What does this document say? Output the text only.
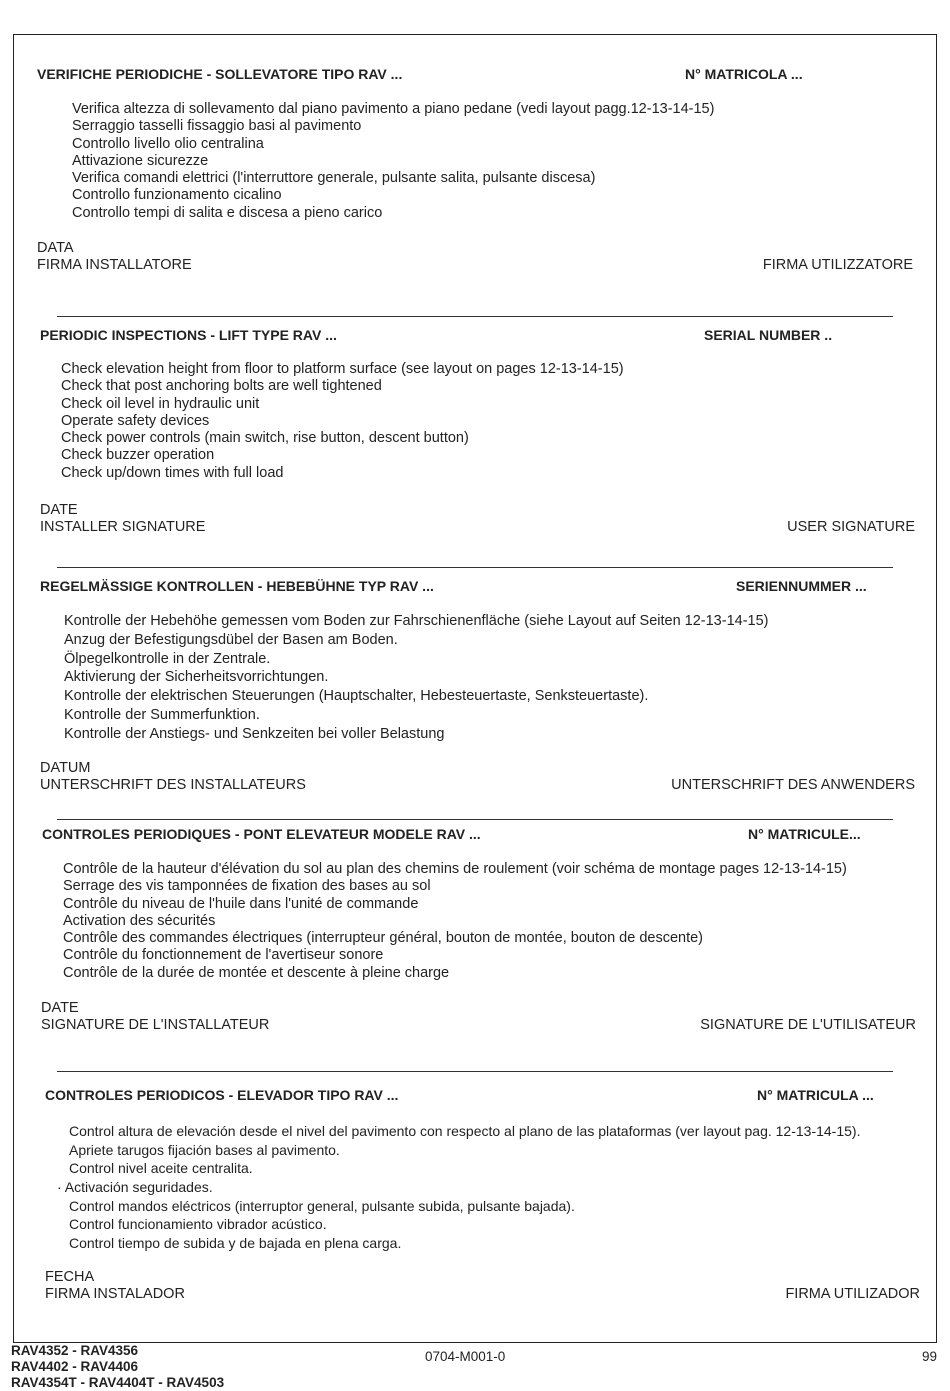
VERIFICHE PERIODICHE - SOLLEVATORE TIPO RAV ...	N° MATRICOLA ...
Verifica altezza di sollevamento dal piano pavimento a piano pedane (vedi layout pagg.12-13-14-15)
Serraggio tasselli fissaggio basi al pavimento
Controllo livello olio centralina
Attivazione sicurezze
Verifica comandi elettrici (l'interruttore generale, pulsante salita, pulsante discesa)
Controllo funzionamento cicalino
Controllo tempi di salita e discesa a pieno carico
DATA
FIRMA INSTALLATORE	FIRMA UTILIZZATORE
PERIODIC INSPECTIONS - LIFT TYPE RAV ...	SERIAL NUMBER ..
Check elevation height from floor to platform surface (see layout on pages 12-13-14-15)
Check that post anchoring bolts are well tightened
Check oil level in hydraulic unit
Operate safety devices
Check power controls (main switch, rise button, descent button)
Check buzzer operation
Check up/down times with full load
DATE
INSTALLER SIGNATURE	USER SIGNATURE
REGELMÄSSIGE KONTROLLEN - HEBEBÜHNE TYP RAV ...	SERIENNUMMER ...
Kontrolle der Hebehöhe gemessen vom Boden zur Fahrschienenfläche (siehe Layout auf Seiten 12-13-14-15)
Anzug der Befestigungsdübel der Basen am Boden.
Ölpegelkontrolle in der Zentrale.
Aktivierung der Sicherheitsvorrichtungen.
Kontrolle der elektrischen Steuerungen (Hauptschalter, Hebesteuertaste, Senksteuertaste).
Kontrolle der Summerfunktion.
Kontrolle der Anstiegs- und Senkzeiten bei voller Belastung
DATUM
UNTERSCHRIFT DES INSTALLATEURS	UNTERSCHRIFT DES ANWENDERS
CONTROLES PERIODIQUES - PONT ELEVATEUR MODELE RAV ...	N° MATRICULE...
Contrôle de la hauteur d'élévation du sol au plan des chemins de roulement (voir schéma de montage pages 12-13-14-15)
Serrage des vis tamponnées de fixation des bases au sol
Contrôle du niveau de l'huile dans l'unité de commande
Activation des sécurités
Contrôle des commandes électriques (interrupteur général, bouton de montée, bouton de descente)
Contrôle du fonctionnement de l'avertiseur sonore
Contrôle de la durée de montée et descente à pleine charge
DATE
SIGNATURE DE L'INSTALLATEUR	SIGNATURE DE L'UTILISATEUR
CONTROLES PERIODICOS - ELEVADOR TIPO RAV ...	N° MATRICULA ...
Control altura de elevación desde el nivel del pavimento con respecto al plano de las plataformas (ver layout pag. 12-13-14-15).
Apriete tarugos fijación bases al pavimento.
Control nivel aceite centralita.
· Activación seguridades.
Control mandos eléctricos (interruptor general, pulsante subida, pulsante bajada).
Control funcionamiento vibrador acústico.
Control tiempo de subida y de bajada en plena carga.
FECHA
FIRMA INSTALADOR	FIRMA UTILIZADOR
RAV4352 - RAV4356
RAV4402 - RAV4406
RAV4354T - RAV4404T - RAV4503
0704-M001-0	99
